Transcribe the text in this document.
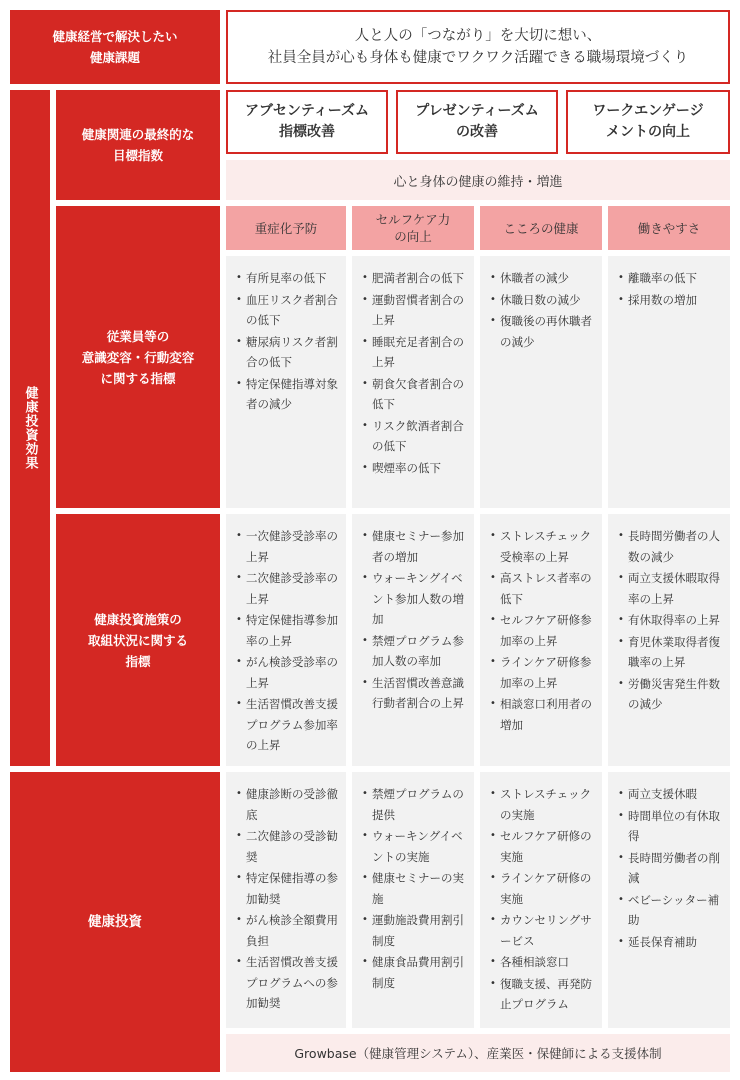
健康経営で解決したい
健康課題
人と人の「つながり」を大切に想い、
社員全員が心も身体も健康でワクワク活躍できる職場環境づくり
健康投資効果
健康関連の最終的な
目標指数
アブセンティーズム
指標改善
プレゼンティーズム
の改善
ワークエンゲージ
メントの向上
心と身体の健康の維持・増進
重症化予防
セルフケア力
の向上
こころの健康	働きやすさ
従業員等の
意識変容・行動変容
に関する指標
• 有所見率の低下
• 血圧リスク者割合の低下
• 糖尿病リスク者割合の低下
• 特定保健指導対象者の減少
• 肥満者割合の低下
• 運動習慣者割合の上昇
• 睡眠充足者割合の上昇
• 朝食欠食者割合の低下
• リスク飲酒者割合の低下
• 喫煙率の低下
• 休職者の減少
• 休職日数の減少
• 復職後の再休職者の減少
• 離職率の低下
• 採用数の増加
健康投資施策の
取組状況に関する
指標
• 一次健診受診率の上昇
• 二次健診受診率の上昇
• 特定保健指導参加率の上昇
• がん検診受診率の上昇
• 生活習慣改善支援プログラム参加率の上昇
• 健康セミナー参加者の増加
• ウォーキングイベント参加人数の増加
• 禁煙プログラム参加人数の率加
• 生活習慣改善意識行動者割合の上昇
• ストレスチェック受検率の上昇
• 高ストレス者率の低下
• セルフケア研修参加率の上昇
• ラインケア研修参加率の上昇
• 相談窓口利用者の増加
• 長時間労働者の人数の減少
• 両立支援休暇取得率の上昇
• 有休取得率の上昇
• 育児休業取得者復職率の上昇
• 労働災害発生件数の減少
健康投資
• 健康診断の受診徹底
• 二次健診の受診勧奨
• 特定保健指導の参加勧奨
• がん検診全額費用負担
• 生活習慣改善支援プログラムへの参加勧奨
• 禁煙プログラムの提供
• ウォーキングイベントの実施
• 健康セミナーの実施
• 運動施設費用割引制度
• 健康食品費用割引制度
• ストレスチェックの実施
• セルフケア研修の実施
• ラインケア研修の実施
• カウンセリングサービス
• 各種相談窓口
• 復職支援、再発防止プログラム
• 両立支援休暇
• 時間単位の有休取得
• 長時間労働者の削減
• ベビーシッター補助
• 延長保育補助
Growbase（健康管理システム）、産業医・保健師による支援体制
